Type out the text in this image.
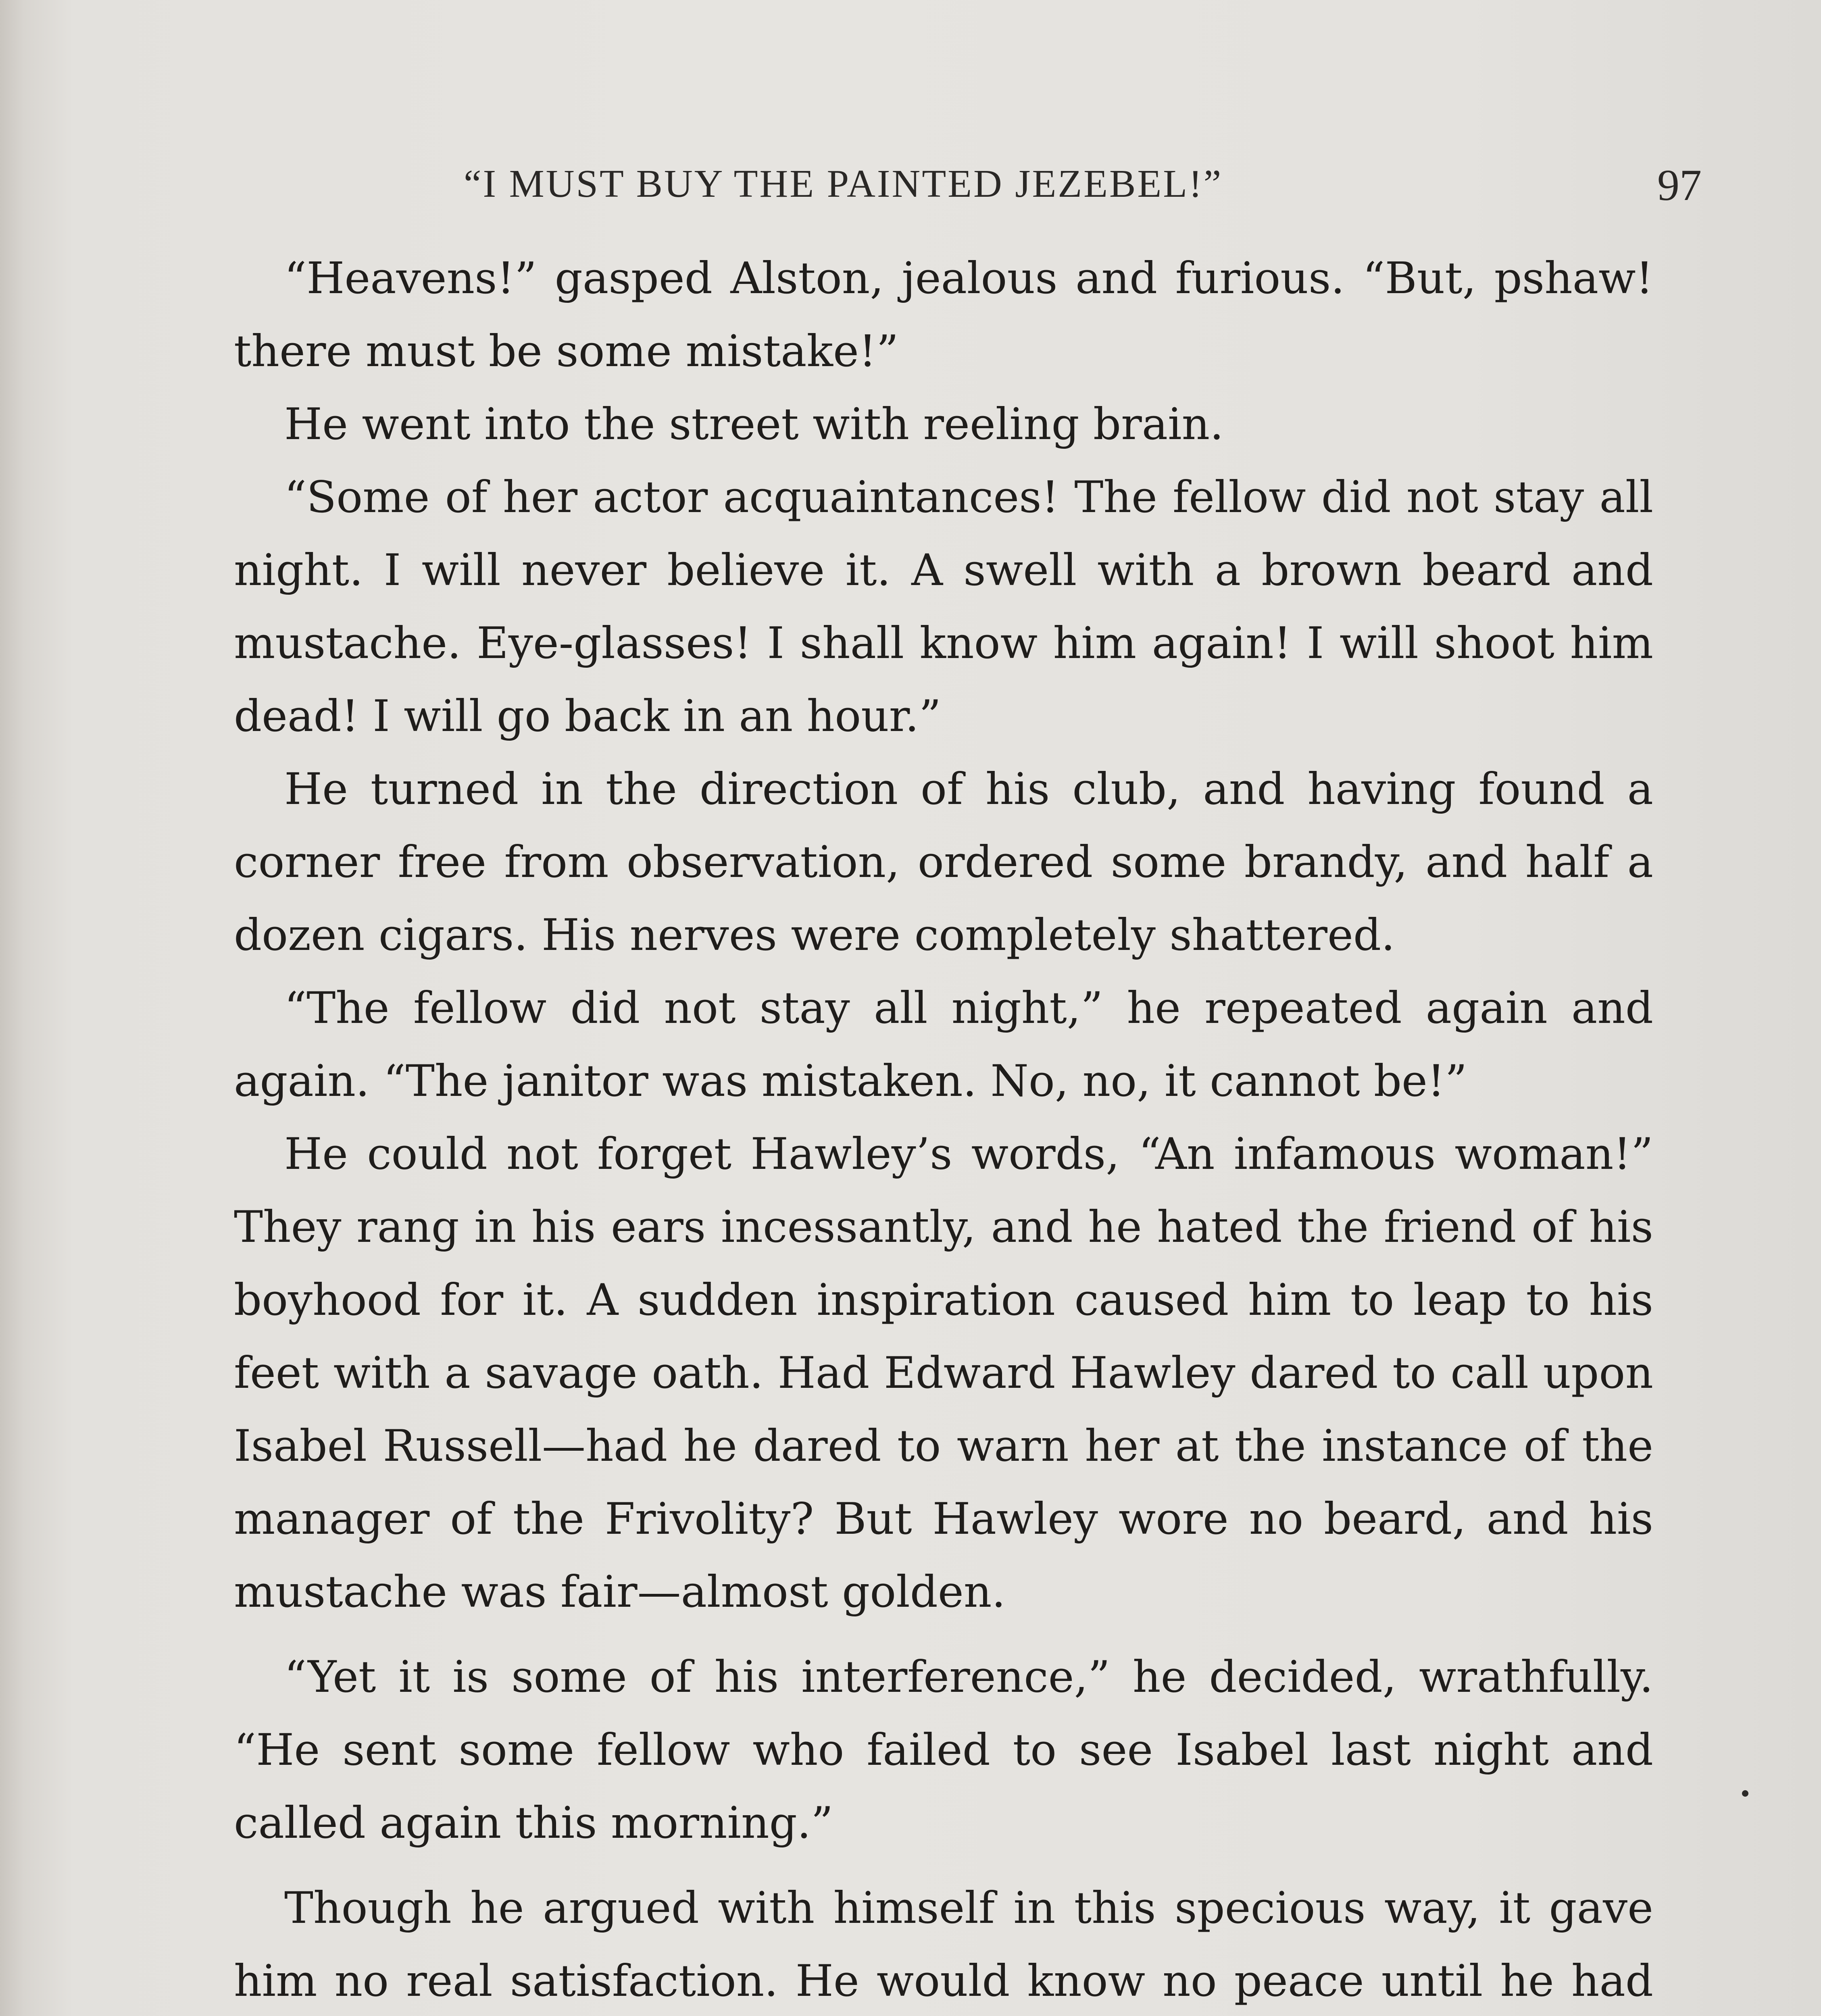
“I MUST BUY THE PAINTED JEZEBEL!”	97

“Heavens!” gasped Alston, jealous and furious. “But, pshaw! there must be some mistake!”

He went into the street with reeling brain.

“Some of her actor acquaintances! The fellow did not stay all night. I will never believe it. A swell with a brown beard and mustache. Eye-glasses! I shall know him again! I will shoot him dead! I will go back in an hour.”

He turned in the direction of his club, and having found a corner free from observation, ordered some brandy, and half a dozen cigars. His nerves were completely shattered.

“The fellow did not stay all night,” he repeated again and again. “The janitor was mistaken. No, no, it cannot be!”

He could not forget Hawley’s words, “An infamous woman!” They rang in his ears incessantly, and he hated the friend of his boyhood for it. A sudden inspiration caused him to leap to his feet with a savage oath. Had Edward Hawley dared to call upon Isabel Russell—had he dared to warn her at the instance of the manager of the Frivolity? But Hawley wore no beard, and his mustache was fair—almost golden.

“Yet it is some of his interference,” he decided, wrathfully. “He sent some fellow who failed to see Isabel last night and called again this morning.”

Though he argued with himself in this specious way, it gave him no real satisfaction. He would know no peace until he had
